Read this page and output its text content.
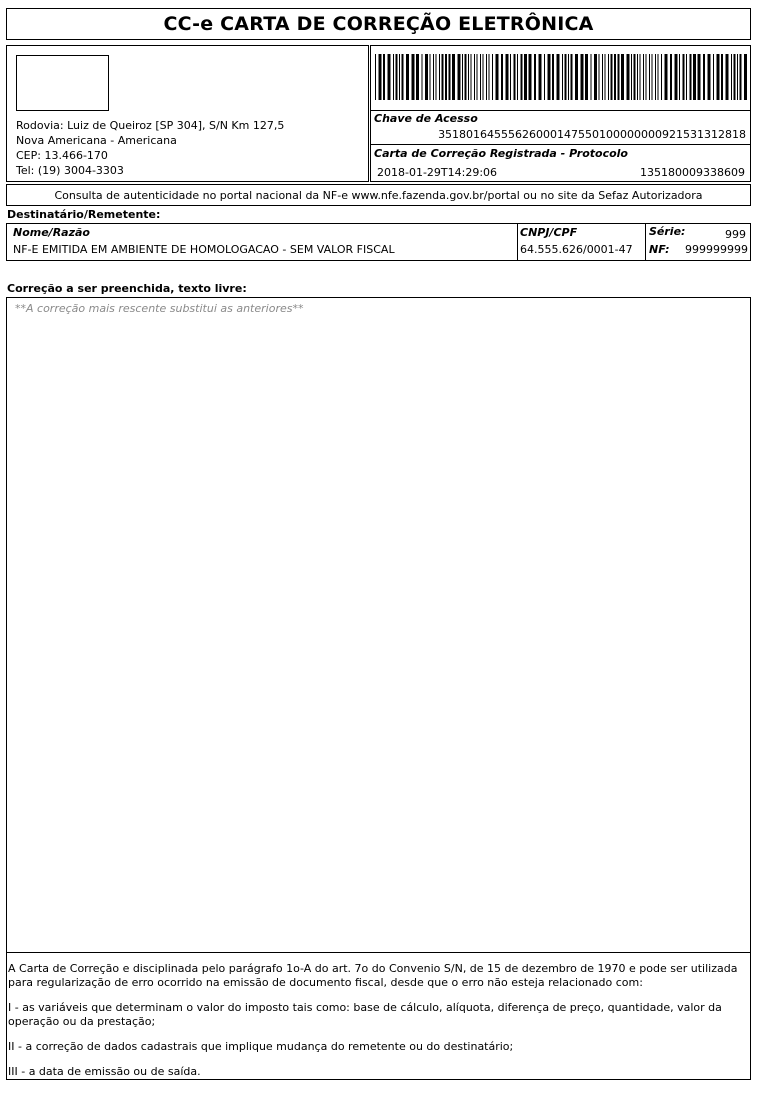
CC-e CARTA DE CORREÇÃO ELETRÔNICA
Rodovia: Luiz de Queiroz [SP 304], S/N Km 127,5
Nova Americana - Americana
CEP: 13.466-170
Tel: (19) 3004-3303
Chave de Acesso
35180164555626000147550100000000921531312818
Carta de Correção Registrada - Protocolo
2018-01-29T14:29:06	135180009338609
Consulta de autenticidade no portal nacional da NF-e www.nfe.fazenda.gov.br/portal ou no site da Sefaz Autorizadora
Destinatário/Remetente:
Nome/Razão
NF-E EMITIDA EM AMBIENTE DE HOMOLOGACAO - SEM VALOR FISCAL
CNPJ/CPF
64.555.626/0001-47
Série:	999
NF: 999999999
Correção a ser preenchida, texto livre:
**A correção mais rescente substitui as anteriores**

A Carta de Correção e disciplinada pelo parágrafo 1o-A do art. 7o do Convenio S/N, de 15 de dezembro de 1970 e pode ser utilizada para regularização de erro ocorrido na emissão de documento fiscal, desde que o erro não esteja relacionado com:

I - as variáveis que determinam o valor do imposto tais como: base de cálculo, alíquota, diferença de preço, quantidade, valor da operação ou da prestação;

II - a correção de dados cadastrais que implique mudança do remetente ou do destinatário;

III - a data de emissão ou de saída.
